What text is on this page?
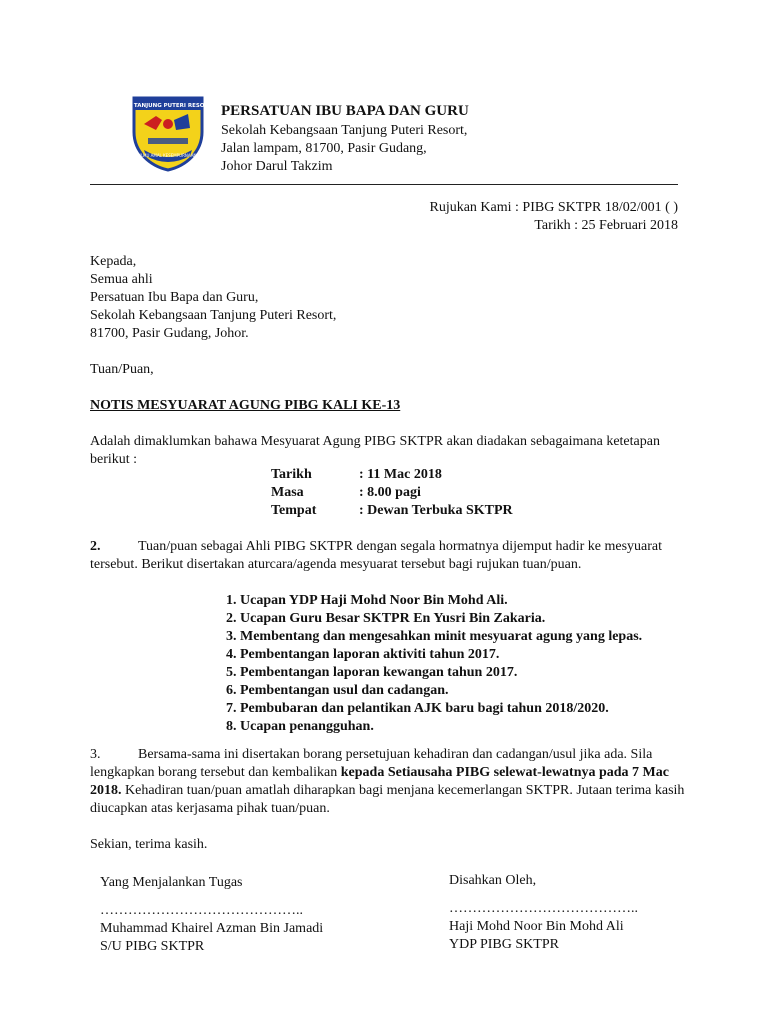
SK TANJUNG PUTERI RESORT
ILMU AMAL KESEMPURNAAN
PERSATUAN IBU BAPA DAN GURU
Sekolah Kebangsaan Tanjung Puteri Resort,
Jalan lampam, 81700, Pasir Gudang,
Johor Darul Takzim
Rujukan Kami : PIBG SKTPR 18/02/001 ( )
Tarikh : 25 Februari 2018
Kepada,
Semua ahli
Persatuan Ibu Bapa dan Guru,
Sekolah Kebangsaan Tanjung Puteri Resort,
81700, Pasir Gudang, Johor.
Tuan/Puan,
NOTIS MESYUARAT AGUNG PIBG KALI KE-13
Adalah dimaklumkan bahawa Mesyuarat Agung PIBG SKTPR akan diadakan sebagaimana ketetapan
berikut :
Tarikh	: 11 Mac 2018
Masa	: 8.00 pagi
Tempat	: Dewan Terbuka SKTPR
2.	Tuan/puan sebagai Ahli PIBG SKTPR dengan segala hormatnya dijemput hadir ke mesyuarat
tersebut. Berikut disertakan aturcara/agenda mesyuarat tersebut bagi rujukan tuan/puan.
1. Ucapan YDP Haji Mohd Noor Bin Mohd Ali.
2. Ucapan Guru Besar SKTPR En Yusri Bin Zakaria.
3. Membentang dan mengesahkan minit mesyuarat agung yang lepas.
4. Pembentangan laporan aktiviti tahun 2017.
5. Pembentangan laporan kewangan tahun 2017.
6. Pembentangan usul dan cadangan.
7. Pembubaran dan pelantikan AJK baru bagi tahun 2018/2020.
8. Ucapan penangguhan.
3.	Bersama-sama ini disertakan borang persetujuan kehadiran dan cadangan/usul jika ada. Sila
lengkapkan borang tersebut dan kembalikan kepada Setiausaha PIBG selewat-lewatnya pada 7 Mac
2018. Kehadiran tuan/puan amatlah diharapkan bagi menjana kecemerlangan SKTPR. Jutaan terima kasih
diucapkan atas kerjasama pihak tuan/puan.
Sekian, terima kasih.
Yang Menjalankan Tugas
……………………………………..
Muhammad Khairel Azman Bin Jamadi
S/U PIBG SKTPR
Disahkan Oleh,
…………………………………..
Haji Mohd Noor Bin Mohd Ali
YDP PIBG SKTPR
